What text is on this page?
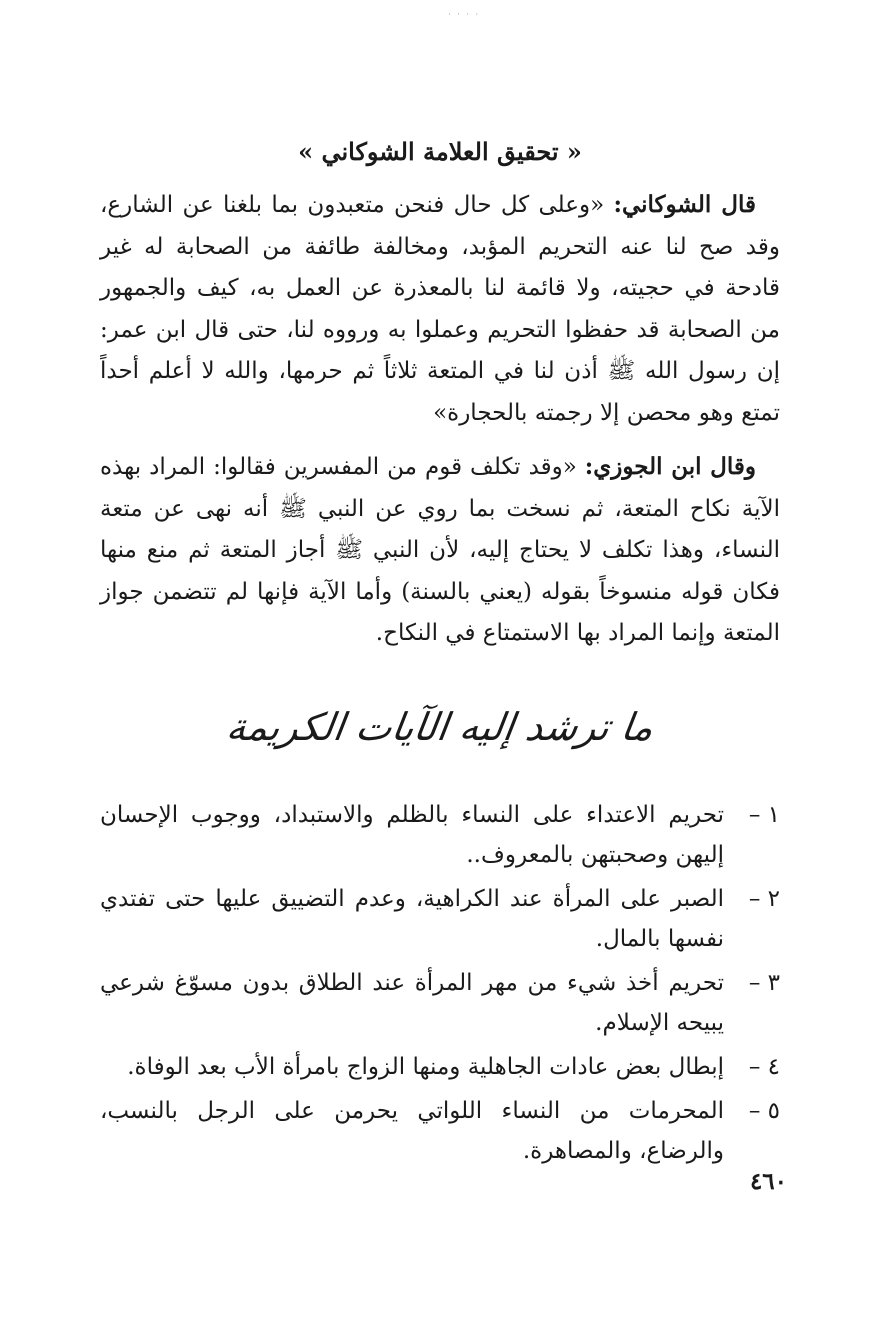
· · · ·
« تحقيق العلامة الشوكاني »

قال الشوكاني: «وعلى كل حال فنحن متعبدون بما بلغنا عن الشارع، وقد صح لنا عنه التحريم المؤبد، ومخالفة طائفة من الصحابة له غير قادحة في حجيته، ولا قائمة لنا بالمعذرة عن العمل به، كيف والجمهور من الصحابة قد حفظوا التحريم وعملوا به ورووه لنا، حتى قال ابن عمر: إن رسول الله ﷺ أذن لنا في المتعة ثلاثاً ثم حرمها، والله لا أعلم أحداً تمتع وهو محصن إلا رجمته بالحجارة»

وقال ابن الجوزي: «وقد تكلف قوم من المفسرين فقالوا: المراد بهذه الآية نكاح المتعة، ثم نسخت بما روي عن النبي ﷺ أنه نهى عن متعة النساء، وهذا تكلف لا يحتاج إليه، لأن النبي ﷺ أجاز المتعة ثم منع منها فكان قوله منسوخاً بقوله (يعني بالسنة) وأما الآية فإنها لم تتضمن جواز المتعة وإنما المراد بها الاستمتاع في النكاح.

ما ترشد إليه الآيات الكريمة
١ –
تحريم الاعتداء على النساء بالظلم والاستبداد، ووجوب الإحسان إليهن وصحبتهن بالمعروف..
٢ –
الصبر على المرأة عند الكراهية، وعدم التضييق عليها حتى تفتدي نفسها بالمال.
٣ –
تحريم أخذ شيء من مهر المرأة عند الطلاق بدون مسوّغ شرعي يبيحه الإسلام.
٤ –
إبطال بعض عادات الجاهلية ومنها الزواج بامرأة الأب بعد الوفاة.
٥ –
المحرمات من النساء اللواتي يحرمن على الرجل بالنسب، والرضاع، والمصاهرة.
٤٦٠
